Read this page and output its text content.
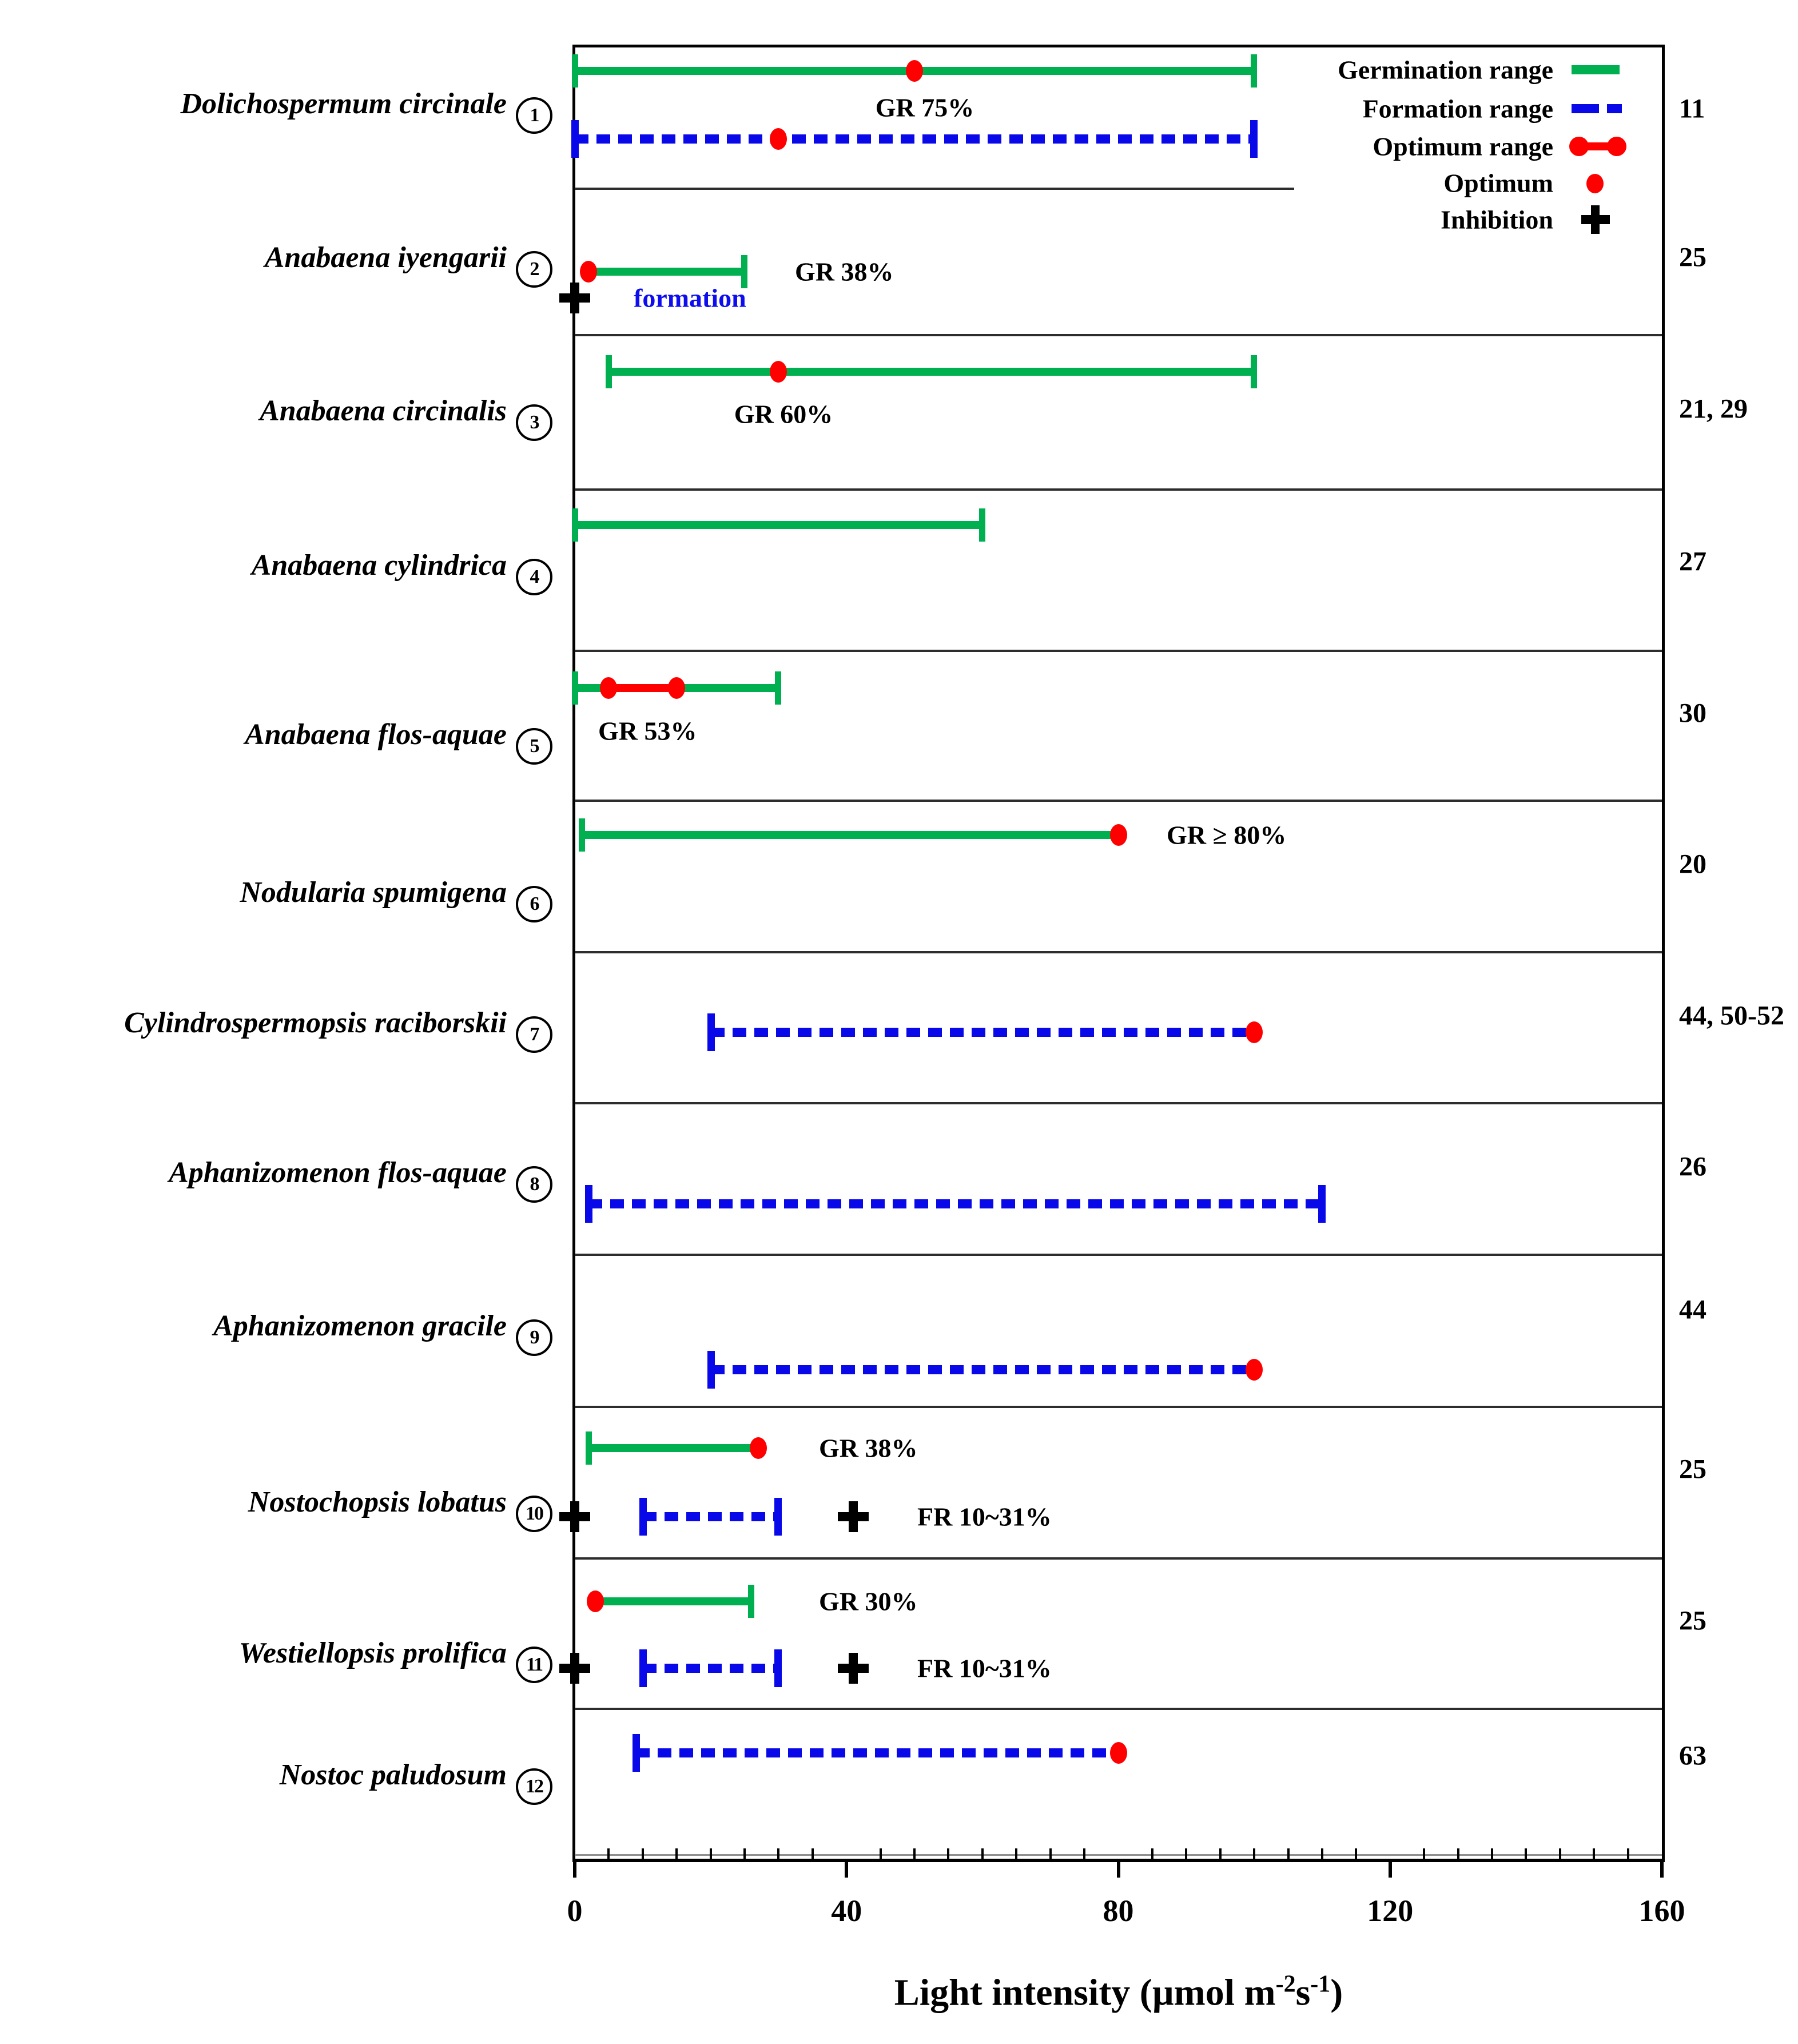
0	40	80	120	160
Germination range
Formation range
Optimum range
Optimum
Inhibition
Dolichospermum circinale 1	11
GR 75%
Anabaena iyengarii 2	25
GR 38%
formation
Anabaena circinalis 3	21, 29
GR 60%
Anabaena cylindrica 4	27
Anabaena flos-aquae 5
30
GR 53%
Nodularia spumigena 6
20
GR ≥ 80%
Cylindrospermopsis raciborskii 7
44, 50-52
Aphanizomenon flos-aquae 8
26
Aphanizomenon gracile 9
44
Nostochopsis lobatus 10
25
GR 38%
FR 10~31%
Westiellopsis prolifica 11
25
GR 30%
FR 10~31%
Nostoc paludosum 12
63
Light intensity (µmol $m^{-2}s^{-1}$)
